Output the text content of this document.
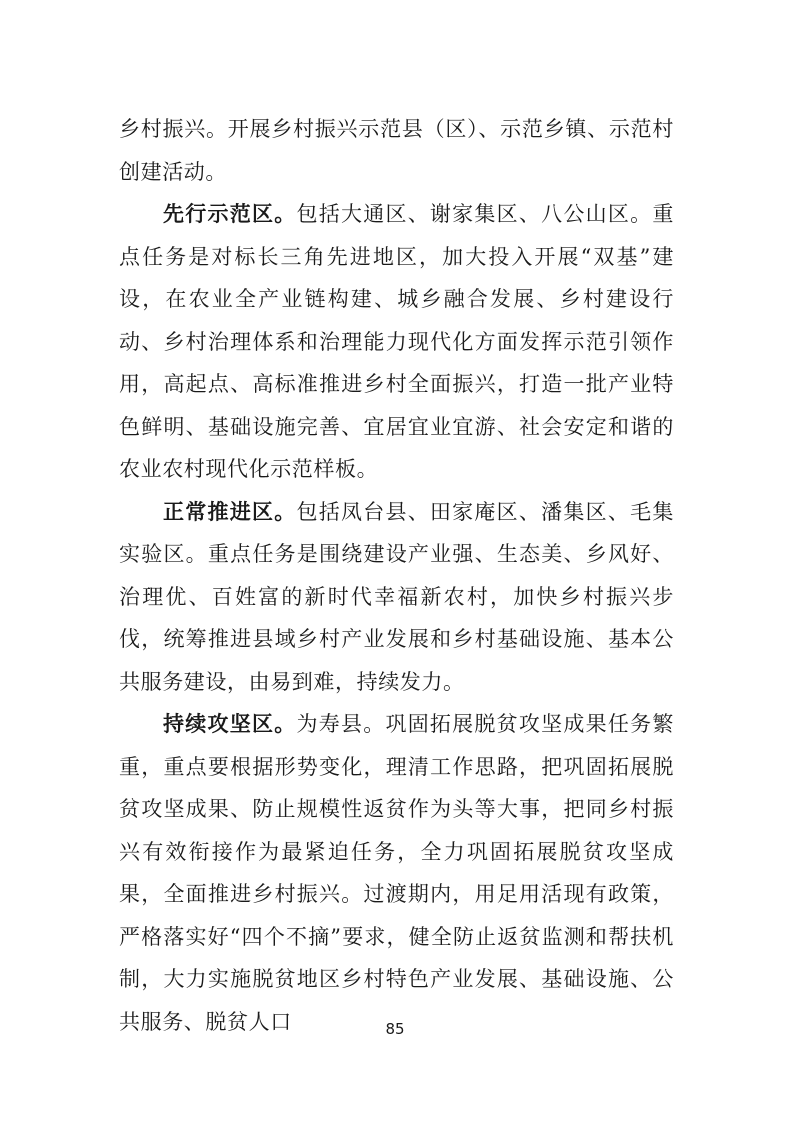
乡村振兴。开展乡村振兴示范县（区）、示范乡镇、示范村创建活动。

先行示范区。包括大通区、谢家集区、八公山区。重点任务是对标长三角先进地区，加大投入开展“双基”建设，在农业全产业链构建、城乡融合发展、乡村建设行动、乡村治理体系和治理能力现代化方面发挥示范引领作用，高起点、高标准推进乡村全面振兴，打造一批产业特色鲜明、基础设施完善、宜居宜业宜游、社会安定和谐的农业农村现代化示范样板。

正常推进区。包括凤台县、田家庵区、潘集区、毛集实验区。重点任务是围绕建设产业强、生态美、乡风好、治理优、百姓富的新时代幸福新农村，加快乡村振兴步伐，统筹推进县域乡村产业发展和乡村基础设施、基本公共服务建设，由易到难，持续发力。

持续攻坚区。为寿县。巩固拓展脱贫攻坚成果任务繁重，重点要根据形势变化，理清工作思路，把巩固拓展脱贫攻坚成果、防止规模性返贫作为头等大事，把同乡村振兴有效衔接作为最紧迫任务，全力巩固拓展脱贫攻坚成果，全面推进乡村振兴。过渡期内，用足用活现有政策，严格落实好“四个不摘”要求，健全防止返贫监测和帮扶机制，大力实施脱贫地区乡村特色产业发展、基础设施、公共服务、脱贫人口	85
